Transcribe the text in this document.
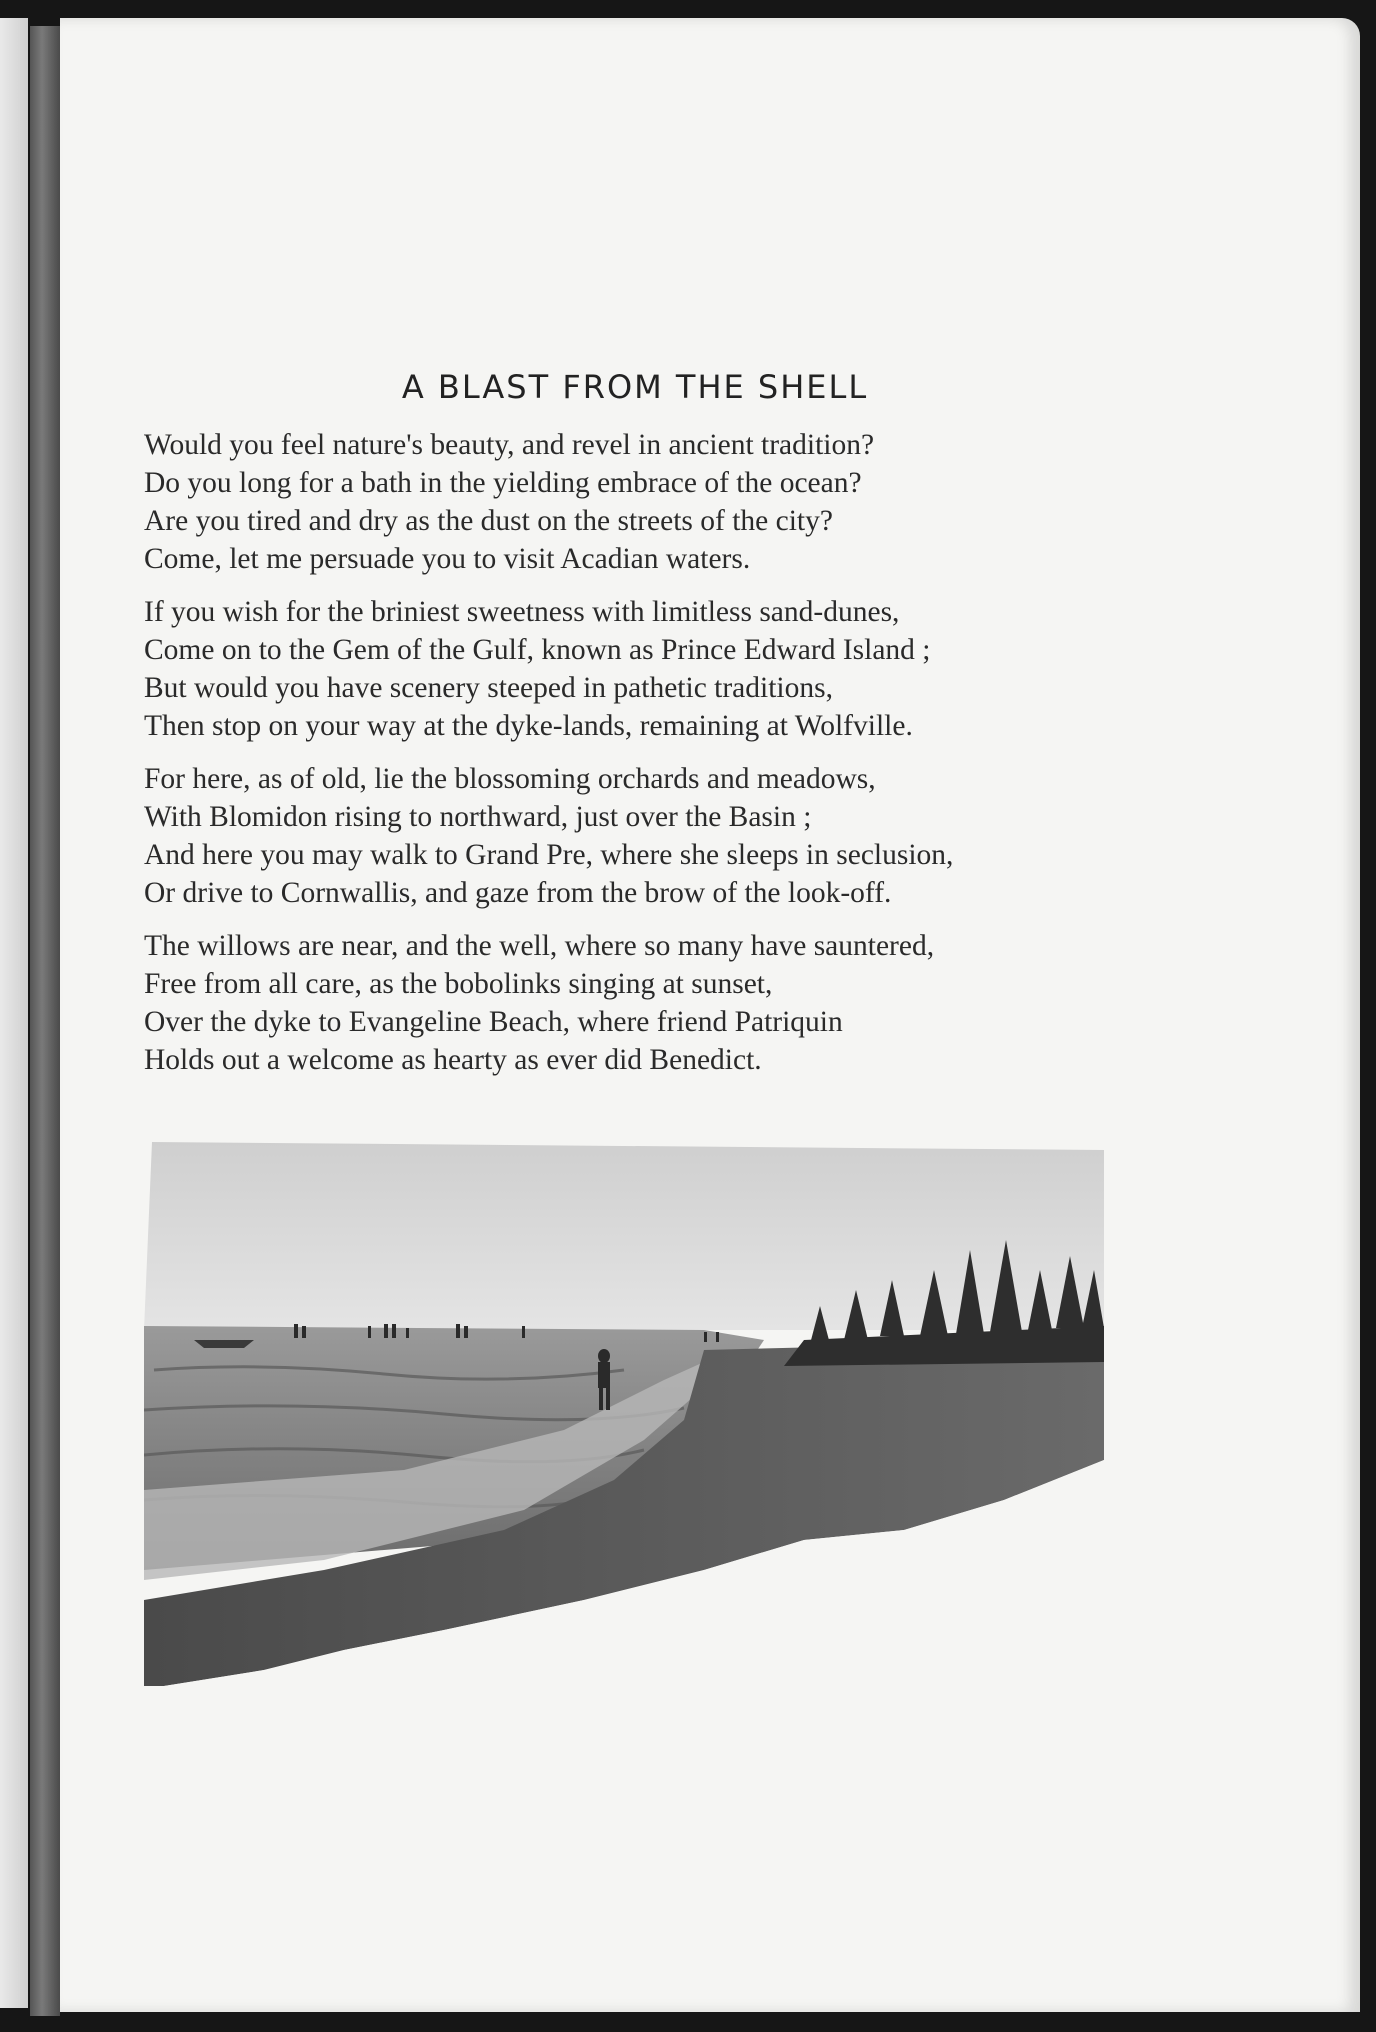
A BLAST FROM THE SHELL
Would you feel nature's beauty, and revel in ancient tradition?
Do you long for a bath in the yielding embrace of the ocean?
Are you tired and dry as the dust on the streets of the city?
Come, let me persuade you to visit Acadian waters.
If you wish for the briniest sweetness with limitless sand-dunes,
Come on to the Gem of the Gulf, known as Prince Edward Island ;
But would you have scenery steeped in pathetic traditions,
Then stop on your way at the dyke-lands, remaining at Wolfville.
For here, as of old, lie the blossoming orchards and meadows,
With Blomidon rising to northward, just over the Basin ;
And here you may walk to Grand Pre, where she sleeps in seclusion,
Or drive to Cornwallis, and gaze from the brow of the look-off.
The willows are near, and the well, where so many have sauntered,
Free from all care, as the bobolinks singing at sunset,
Over the dyke to Evangeline Beach, where friend Patriquin
Holds out a welcome as hearty as ever did Benedict.
